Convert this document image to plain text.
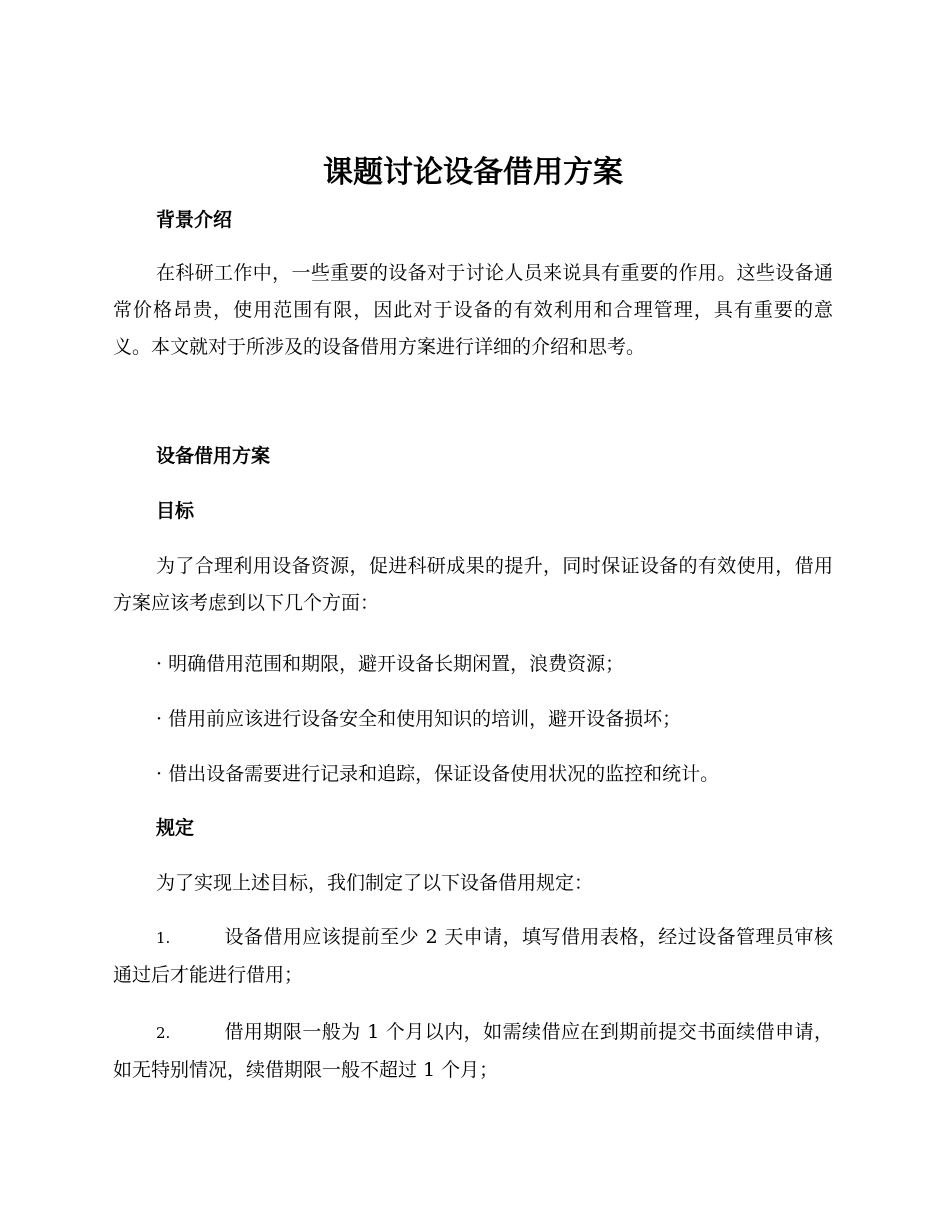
课题讨论设备借用方案
背景介绍

在科研工作中，一些重要的设备对于讨论人员来说具有重要的作用。这些设备通常价格昂贵，使用范围有限，因此对于设备的有效利用和合理管理，具有重要的意义。本文就对于所涉及的设备借用方案进行详细的介绍和思考。

设备借用方案
目标

为了合理利用设备资源，促进科研成果的提升，同时保证设备的有效使用，借用方案应该考虑到以下几个方面：

· 明确借用范围和期限，避开设备长期闲置，浪费资源；

· 借用前应该进行设备安全和使用知识的培训，避开设备损坏；

· 借出设备需要进行记录和追踪，保证设备使用状况的监控和统计。

规定

为了实现上述目标，我们制定了以下设备借用规定：

1.	设备借用应该提前至少 2 天申请，填写借用表格，经过设备管理员审核通过后才能进行借用；

2.	借用期限一般为 1 个月以内，如需续借应在到期前提交书面续借申请，如无特别情况，续借期限一般不超过 1 个月；
